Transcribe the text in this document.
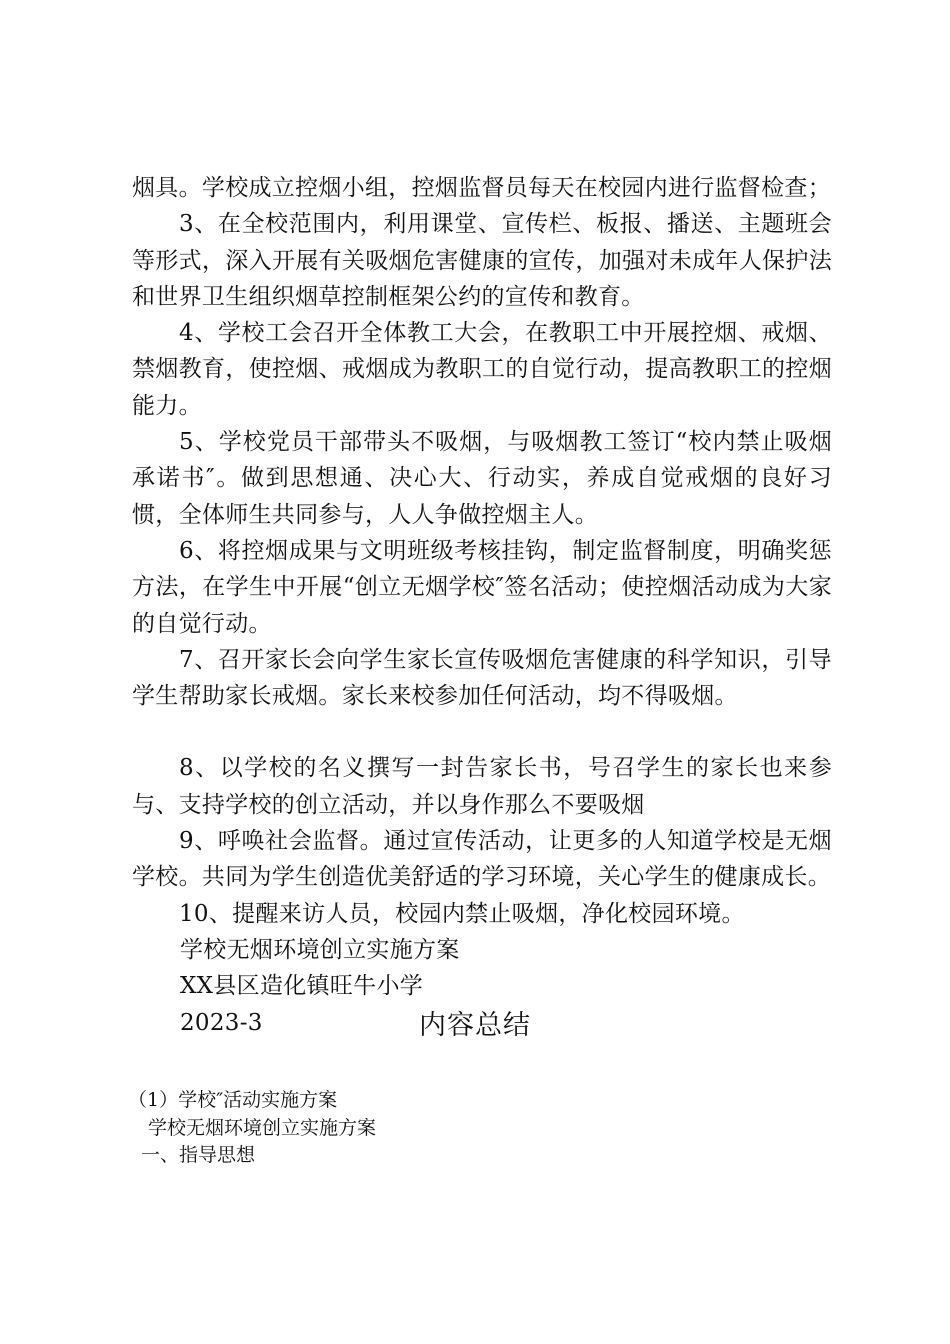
烟具。学校成立控烟小组，控烟监督员每天在校园内进行监督检查；

3、在全校范围内，利用课堂、宣传栏、板报、播送、主题班会等形式，深入开展有关吸烟危害健康的宣传，加强对未成年人保护法和世界卫生组织烟草控制框架公约的宣传和教育。

4、学校工会召开全体教工大会，在教职工中开展控烟、戒烟、禁烟教育，使控烟、戒烟成为教职工的自觉行动，提高教职工的控烟能力。

5、学校党员干部带头不吸烟，与吸烟教工签订“校内禁止吸烟承诺书″。做到思想通、决心大、行动实，养成自觉戒烟的良好习惯，全体师生共同参与，人人争做控烟主人。

6、将控烟成果与文明班级考核挂钩，制定监督制度，明确奖惩方法，在学生中开展“创立无烟学校″签名活动；使控烟活动成为大家的自觉行动。

7、召开家长会向学生家长宣传吸烟危害健康的科学知识，引导学生帮助家长戒烟。家长来校参加任何活动，均不得吸烟。

8、以学校的名义撰写一封告家长书，号召学生的家长也来参与、支持学校的创立活动，并以身作那么不要吸烟

9、呼唤社会监督。通过宣传活动，让更多的人知道学校是无烟学校。共同为学生创造优美舒适的学习环境，关心学生的健康成长。

10、提醒来访人员，校园内禁止吸烟，净化校园环境。

学校无烟环境创立实施方案

XX县区造化镇旺牛小学

2023-3	内容总结

（1）学校″活动实施方案

学校无烟环境创立实施方案

一、指导思想
